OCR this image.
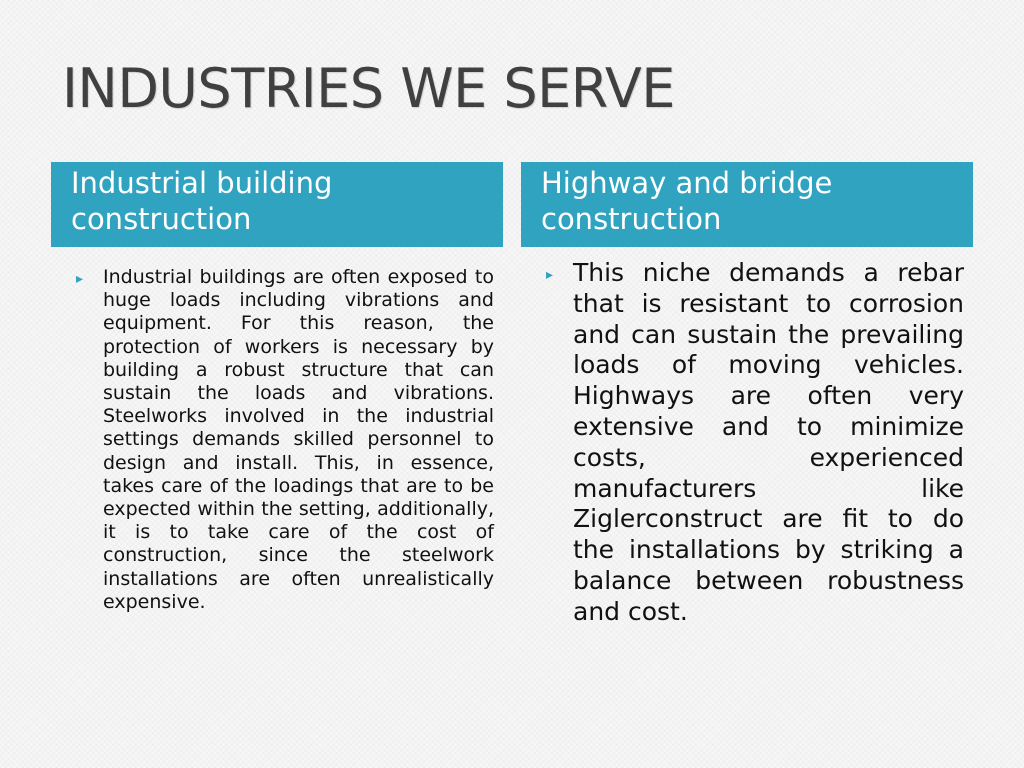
INDUSTRIES WE SERVE
Industrial building
construction
Highway and bridge
construction
▸ Industrial buildings are often exposed to huge loads including vibrations and equipment. For this reason, the protection of workers is necessary by building a robust structure that can sustain the loads and vibrations. Steelworks involved in the industrial settings demands skilled personnel to design and install. This, in essence, takes care of the loadings that are to be expected within the setting, additionally, it is to take care of the cost of construction, since the steelwork installations are often unrealistically expensive.

▸ This niche demands a rebar that is resistant to corrosion and can sustain the prevailing loads of moving vehicles. Highways are often very extensive and to minimize costs, experienced manufacturers like Ziglerconstruct are fit to do the installations by striking a balance between robustness and cost.
